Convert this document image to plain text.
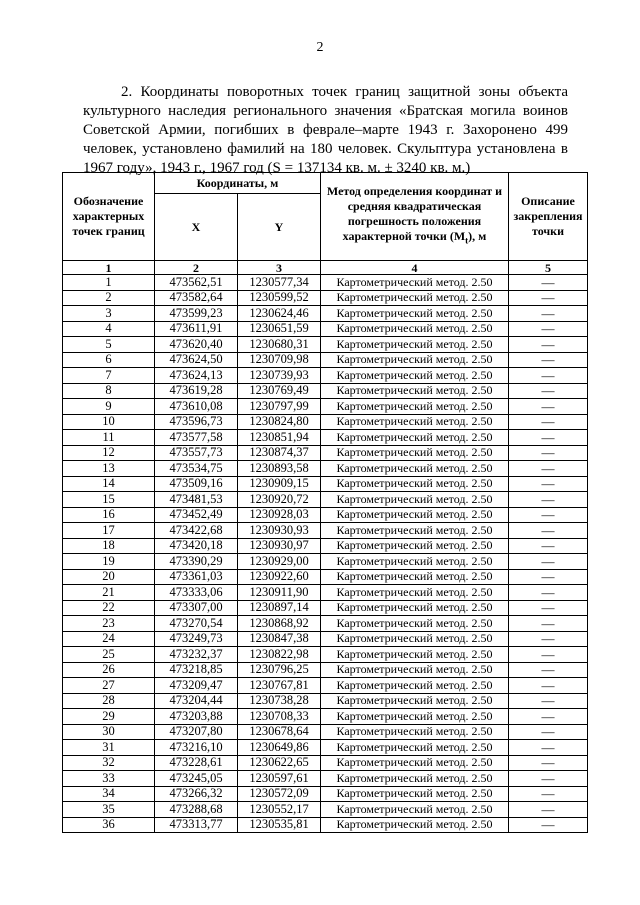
2

2. Координаты поворотных точек границ защитной зоны объекта культурного наследия регионального значения «Братская могила воинов Советской Армии, погибших в феврале–марте 1943 г. Захоронено 499 человек, установлено фамилий на 180 человек. Скульптура установлена в 1967 году», 1943 г., 1967 год (S = 137134 кв. м. ± 3240 кв. м.)

Обозначение характерных точек границ	Координаты, м		Метод определения координат и средняя квадратическая погрешность положения характерной точки $(M_t)$, м	Описание закрепления точки
	X	Y		
1	2	3	4	5
1	473562,51	1230577,34	Картометрический метод. 2.50	—
2	473582,64	1230599,52	Картометрический метод. 2.50	—
3	473599,23	1230624,46	Картометрический метод. 2.50	—
4	473611,91	1230651,59	Картометрический метод. 2.50	—
5	473620,40	1230680,31	Картометрический метод. 2.50	—
6	473624,50	1230709,98	Картометрический метод. 2.50	—
7	473624,13	1230739,93	Картометрический метод. 2.50	—
8	473619,28	1230769,49	Картометрический метод. 2.50	—
9	473610,08	1230797,99	Картометрический метод. 2.50	—
10	473596,73	1230824,80	Картометрический метод. 2.50	—
11	473577,58	1230851,94	Картометрический метод. 2.50	—
12	473557,73	1230874,37	Картометрический метод. 2.50	—
13	473534,75	1230893,58	Картометрический метод. 2.50	—
14	473509,16	1230909,15	Картометрический метод. 2.50	—
15	473481,53	1230920,72	Картометрический метод. 2.50	—
16	473452,49	1230928,03	Картометрический метод. 2.50	—
17	473422,68	1230930,93	Картометрический метод. 2.50	—
18	473420,18	1230930,97	Картометрический метод. 2.50	—
19	473390,29	1230929,00	Картометрический метод. 2.50	—
20	473361,03	1230922,60	Картометрический метод. 2.50	—
21	473333,06	1230911,90	Картометрический метод. 2.50	—
22	473307,00	1230897,14	Картометрический метод. 2.50	—
23	473270,54	1230868,92	Картометрический метод. 2.50	—
24	473249,73	1230847,38	Картометрический метод. 2.50	—
25	473232,37	1230822,98	Картометрический метод. 2.50	—
26	473218,85	1230796,25	Картометрический метод. 2.50	—
27	473209,47	1230767,81	Картометрический метод. 2.50	—
28	473204,44	1230738,28	Картометрический метод. 2.50	—
29	473203,88	1230708,33	Картометрический метод. 2.50	—
30	473207,80	1230678,64	Картометрический метод. 2.50	—
31	473216,10	1230649,86	Картометрический метод. 2.50	—
32	473228,61	1230622,65	Картометрический метод. 2.50	—
33	473245,05	1230597,61	Картометрический метод. 2.50	—
34	473266,32	1230572,09	Картометрический метод. 2.50	—
35	473288,68	1230552,17	Картометрический метод. 2.50	—
36	473313,77	1230535,81	Картометрический метод. 2.50	—
